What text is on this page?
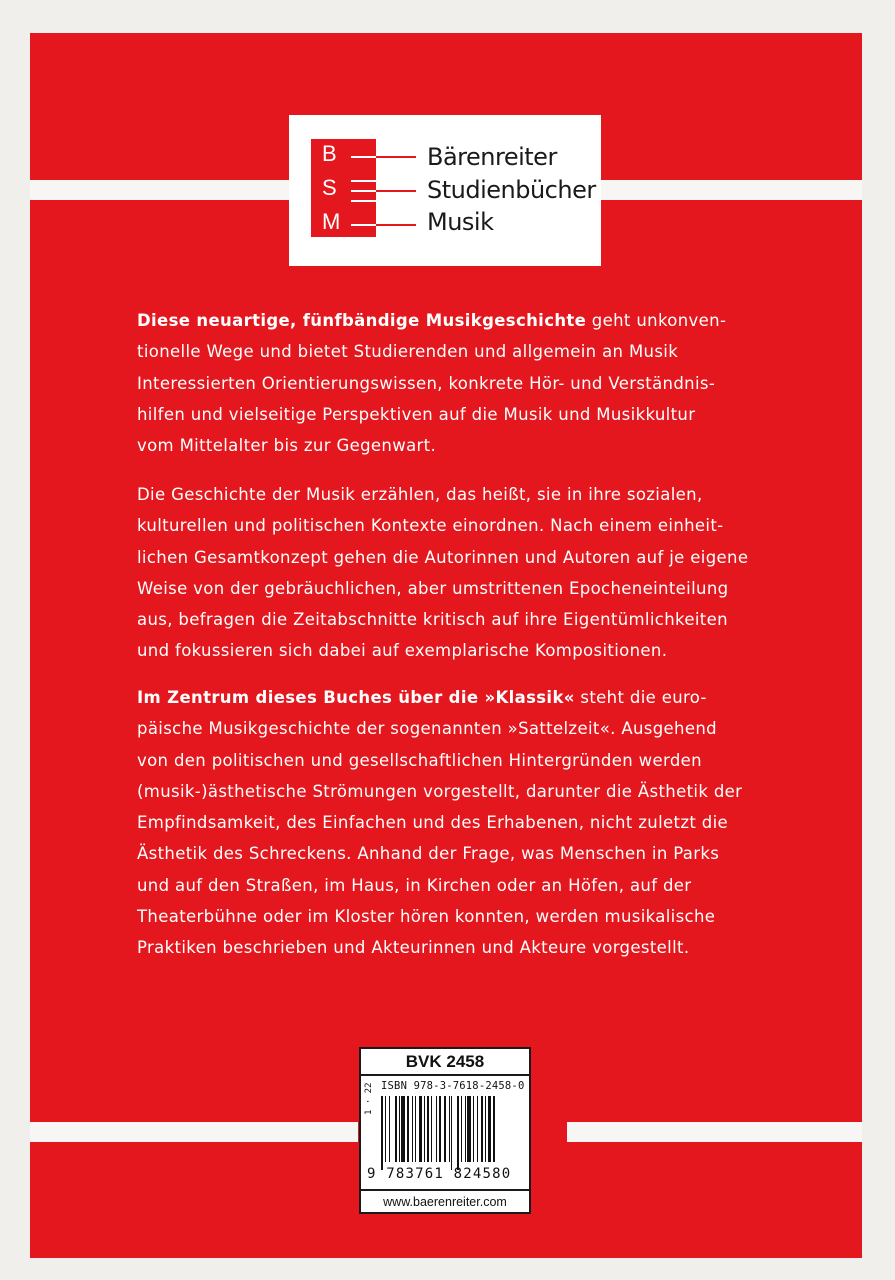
B
S
M
Bärenreiter
Studienbücher
Musik
Diese neuartige, fünfbändige Musikgeschichte geht unkonven-
tionelle Wege und bietet Studierenden und allgemein an Musik
Interessierten Orientierungswissen, konkrete Hör- und Verständnis-
hilfen und vielseitige Perspektiven auf die Musik und Musikkultur
vom Mittelalter bis zur Gegenwart.
Die Geschichte der Musik erzählen, das heißt, sie in ihre sozialen,
kulturellen und politischen Kontexte einordnen. Nach einem einheit-
lichen Gesamtkonzept gehen die Autorinnen und Autoren auf je eigene
Weise von der gebräuchlichen, aber umstrittenen Epocheneinteilung
aus, befragen die Zeitabschnitte kritisch auf ihre Eigentümlichkeiten
und fokussieren sich dabei auf exemplarische Kompositionen.
Im Zentrum dieses Buches über die »Klassik« steht die euro-
päische Musikgeschichte der sogenannten »Sattelzeit«. Ausgehend
von den politischen und gesellschaftlichen Hintergründen werden
(musik-)ästhetische Strömungen vorgestellt, darunter die Ästhetik der
Empfindsamkeit, des Einfachen und des Erhabenen, nicht zuletzt die
Ästhetik des Schreckens. Anhand der Frage, was Menschen in Parks
und auf den Straßen, im Haus, in Kirchen oder an Höfen, auf der
Theaterbühne oder im Kloster hören konnten, werden musikalische
Praktiken beschrieben und Akteurinnen und Akteure vorgestellt.
BVK 2458
ISBN 978-3-7618-2458-0
1 · 22
9 783761 824580
www.baerenreiter.com
